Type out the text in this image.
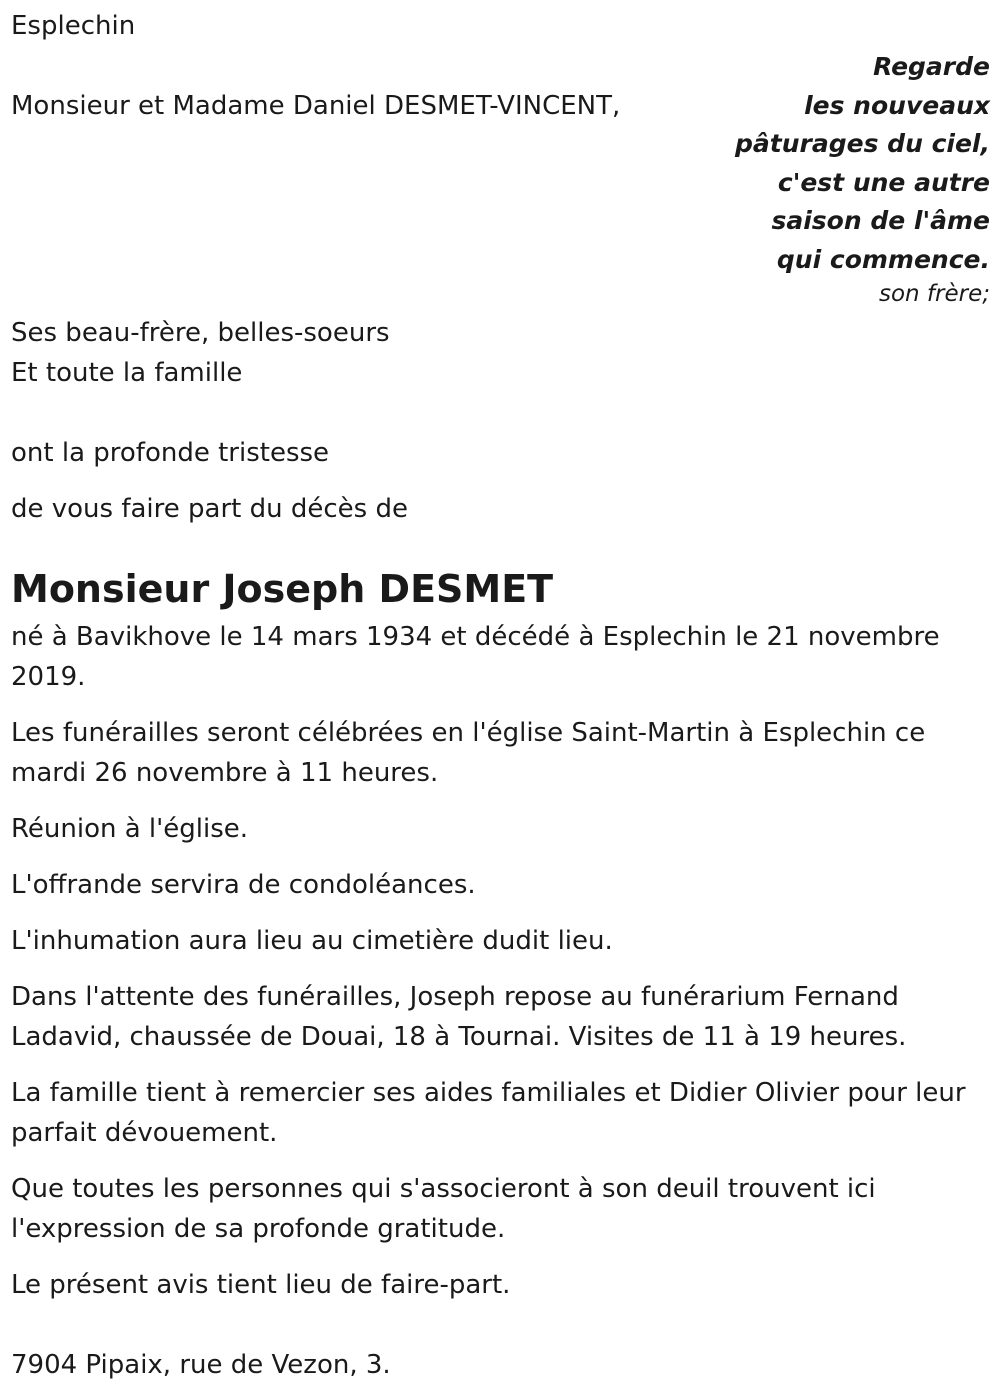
Esplechin

Monsieur et Madame Daniel DESMET-VINCENT,

Regarde
les nouveaux
pâturages du ciel,
c'est une autre
saison de l'âme
qui commence.
son frère;

Ses beau-frère, belles-soeurs

Et toute la famille

ont la profonde tristesse

de vous faire part du décès de

Monsieur Joseph DESMET

né à Bavikhove le 14 mars 1934 et décédé à Esplechin le 21 novembre 2019.

Les funérailles seront célébrées en l'église Saint-Martin à Esplechin ce mardi 26 novembre à 11 heures.

Réunion à l'église.

L'offrande servira de condoléances.

L'inhumation aura lieu au cimetière dudit lieu.

Dans l'attente des funérailles, Joseph repose au funérarium Fernand Ladavid, chaussée de Douai, 18 à Tournai. Visites de 11 à 19 heures.

La famille tient à remercier ses aides familiales et Didier Olivier pour leur parfait dévouement.

Que toutes les personnes qui s'associeront à son deuil trouvent ici l'expression de sa profonde gratitude.

Le présent avis tient lieu de faire-part.

7904 Pipaix, rue de Vezon, 3.
